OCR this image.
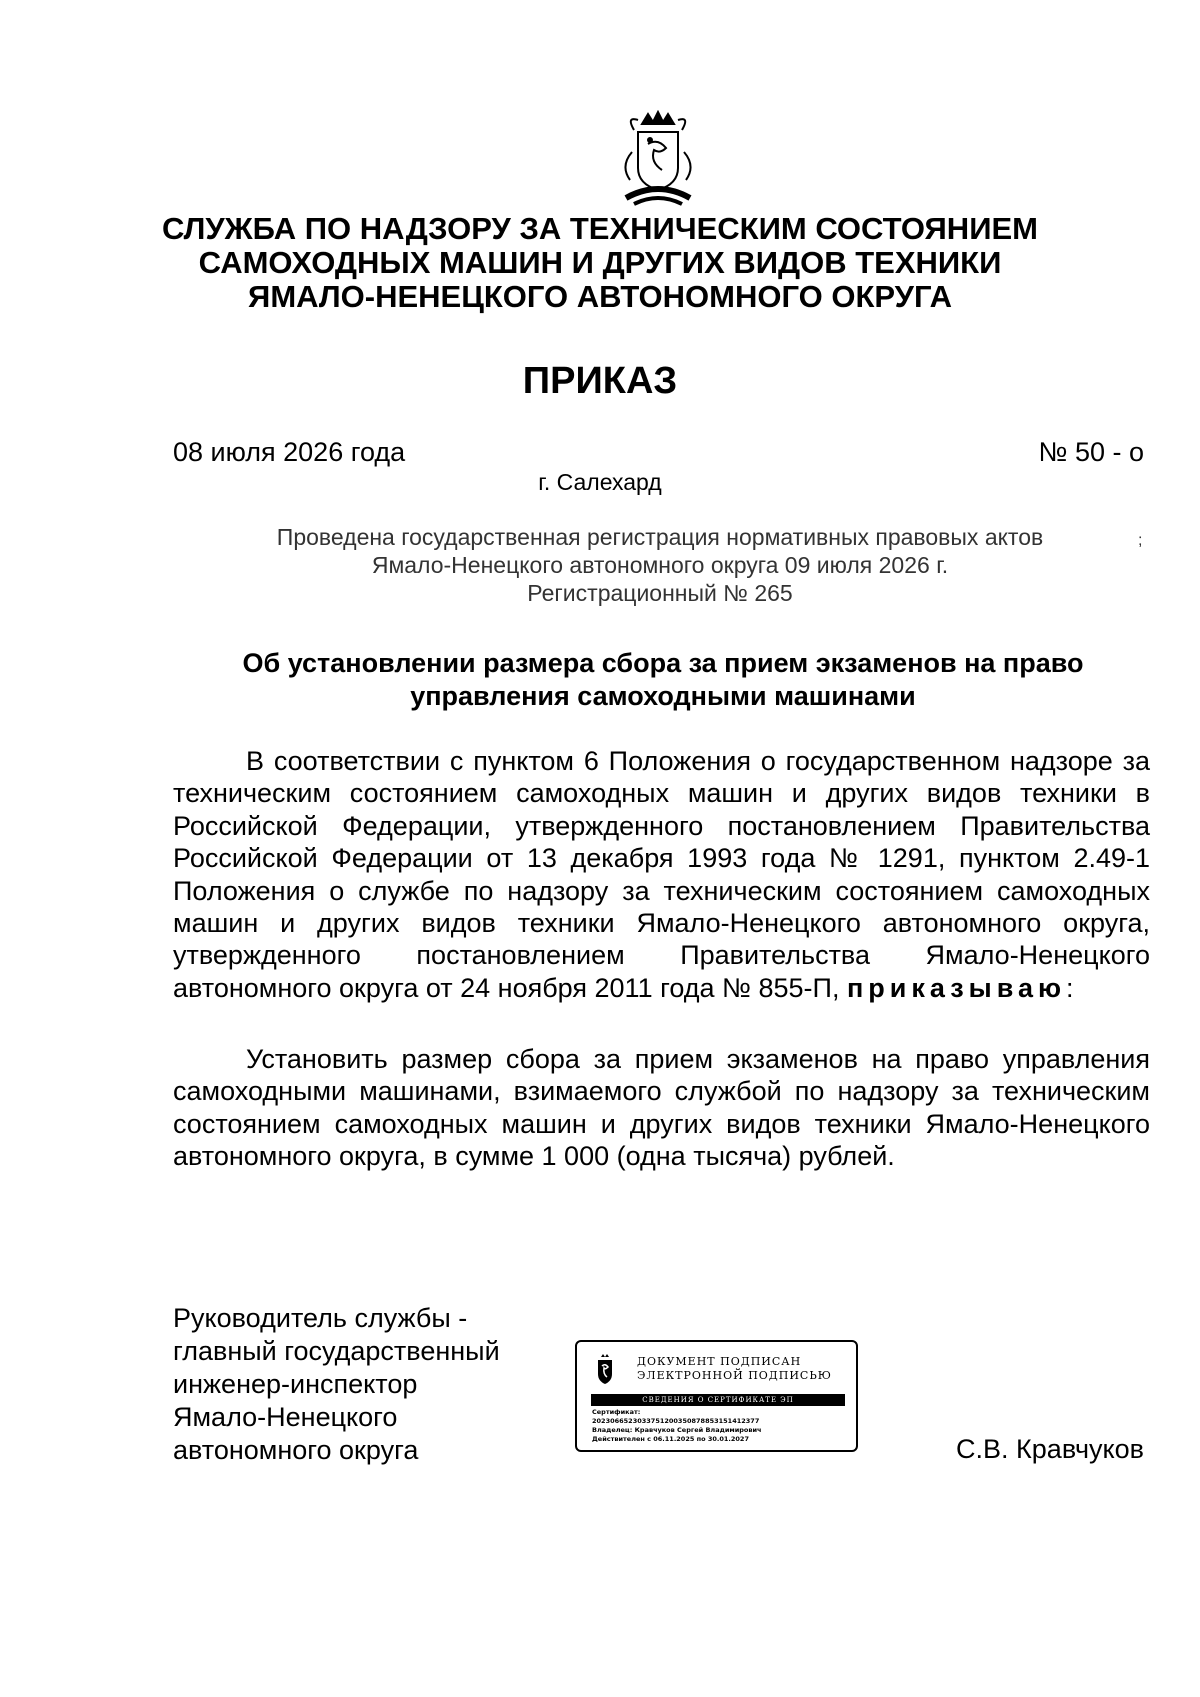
СЛУЖБА ПО НАДЗОРУ ЗА ТЕХНИЧЕСКИМ СОСТОЯНИЕМ
САМОХОДНЫХ МАШИН И ДРУГИХ ВИДОВ ТЕХНИКИ
ЯМАЛО-НЕНЕЦКОГО АВТОНОМНОГО ОКРУГА
ПРИКАЗ
08 июля 2026 года	№ 50 - о
г. Салехард
Проведена государственная регистрация нормативных правовых актов
Ямало-Ненецкого автономного округа 09 июля 2026 г.
Регистрационный № 265
;
Об установлении размера сбора за прием экзаменов на право
управления самоходными машинами
В соответствии с пунктом 6 Положения о государственном надзоре за техническим состоянием самоходных машин и других видов техники в Российской Федерации, утвержденного постановлением Правительства Российской Федерации от 13 декабря 1993 года № 1291, пунктом 2.49-1 Положения о службе по надзору за техническим состоянием самоходных машин и других видов техники Ямало-Ненецкого автономного округа, утвержденного постановлением Правительства Ямало-Ненецкого автономного округа от 24 ноября 2011 года № 855-П, приказываю:
Установить размер сбора за прием экзаменов на право управления самоходными машинами, взимаемого службой по надзору за техническим состоянием самоходных машин и других видов техники Ямало-Ненецкого автономного округа, в сумме 1 000 (одна тысяча) рублей.
Руководитель службы -
главный государственный
инженер-инспектор
Ямало-Ненецкого
автономного округа
ДОКУМЕНТ ПОДПИСАН
ЭЛЕКТРОННОЙ ПОДПИСЬЮ
СВЕДЕНИЯ О СЕРТИФИКАТЕ ЭП
Сертификат:
2023066523033751200350878853151412377
Владелец: Кравчуков Сергей Владимирович
Действителен с 06.11.2025 по 30.01.2027	С.В. Кравчуков
